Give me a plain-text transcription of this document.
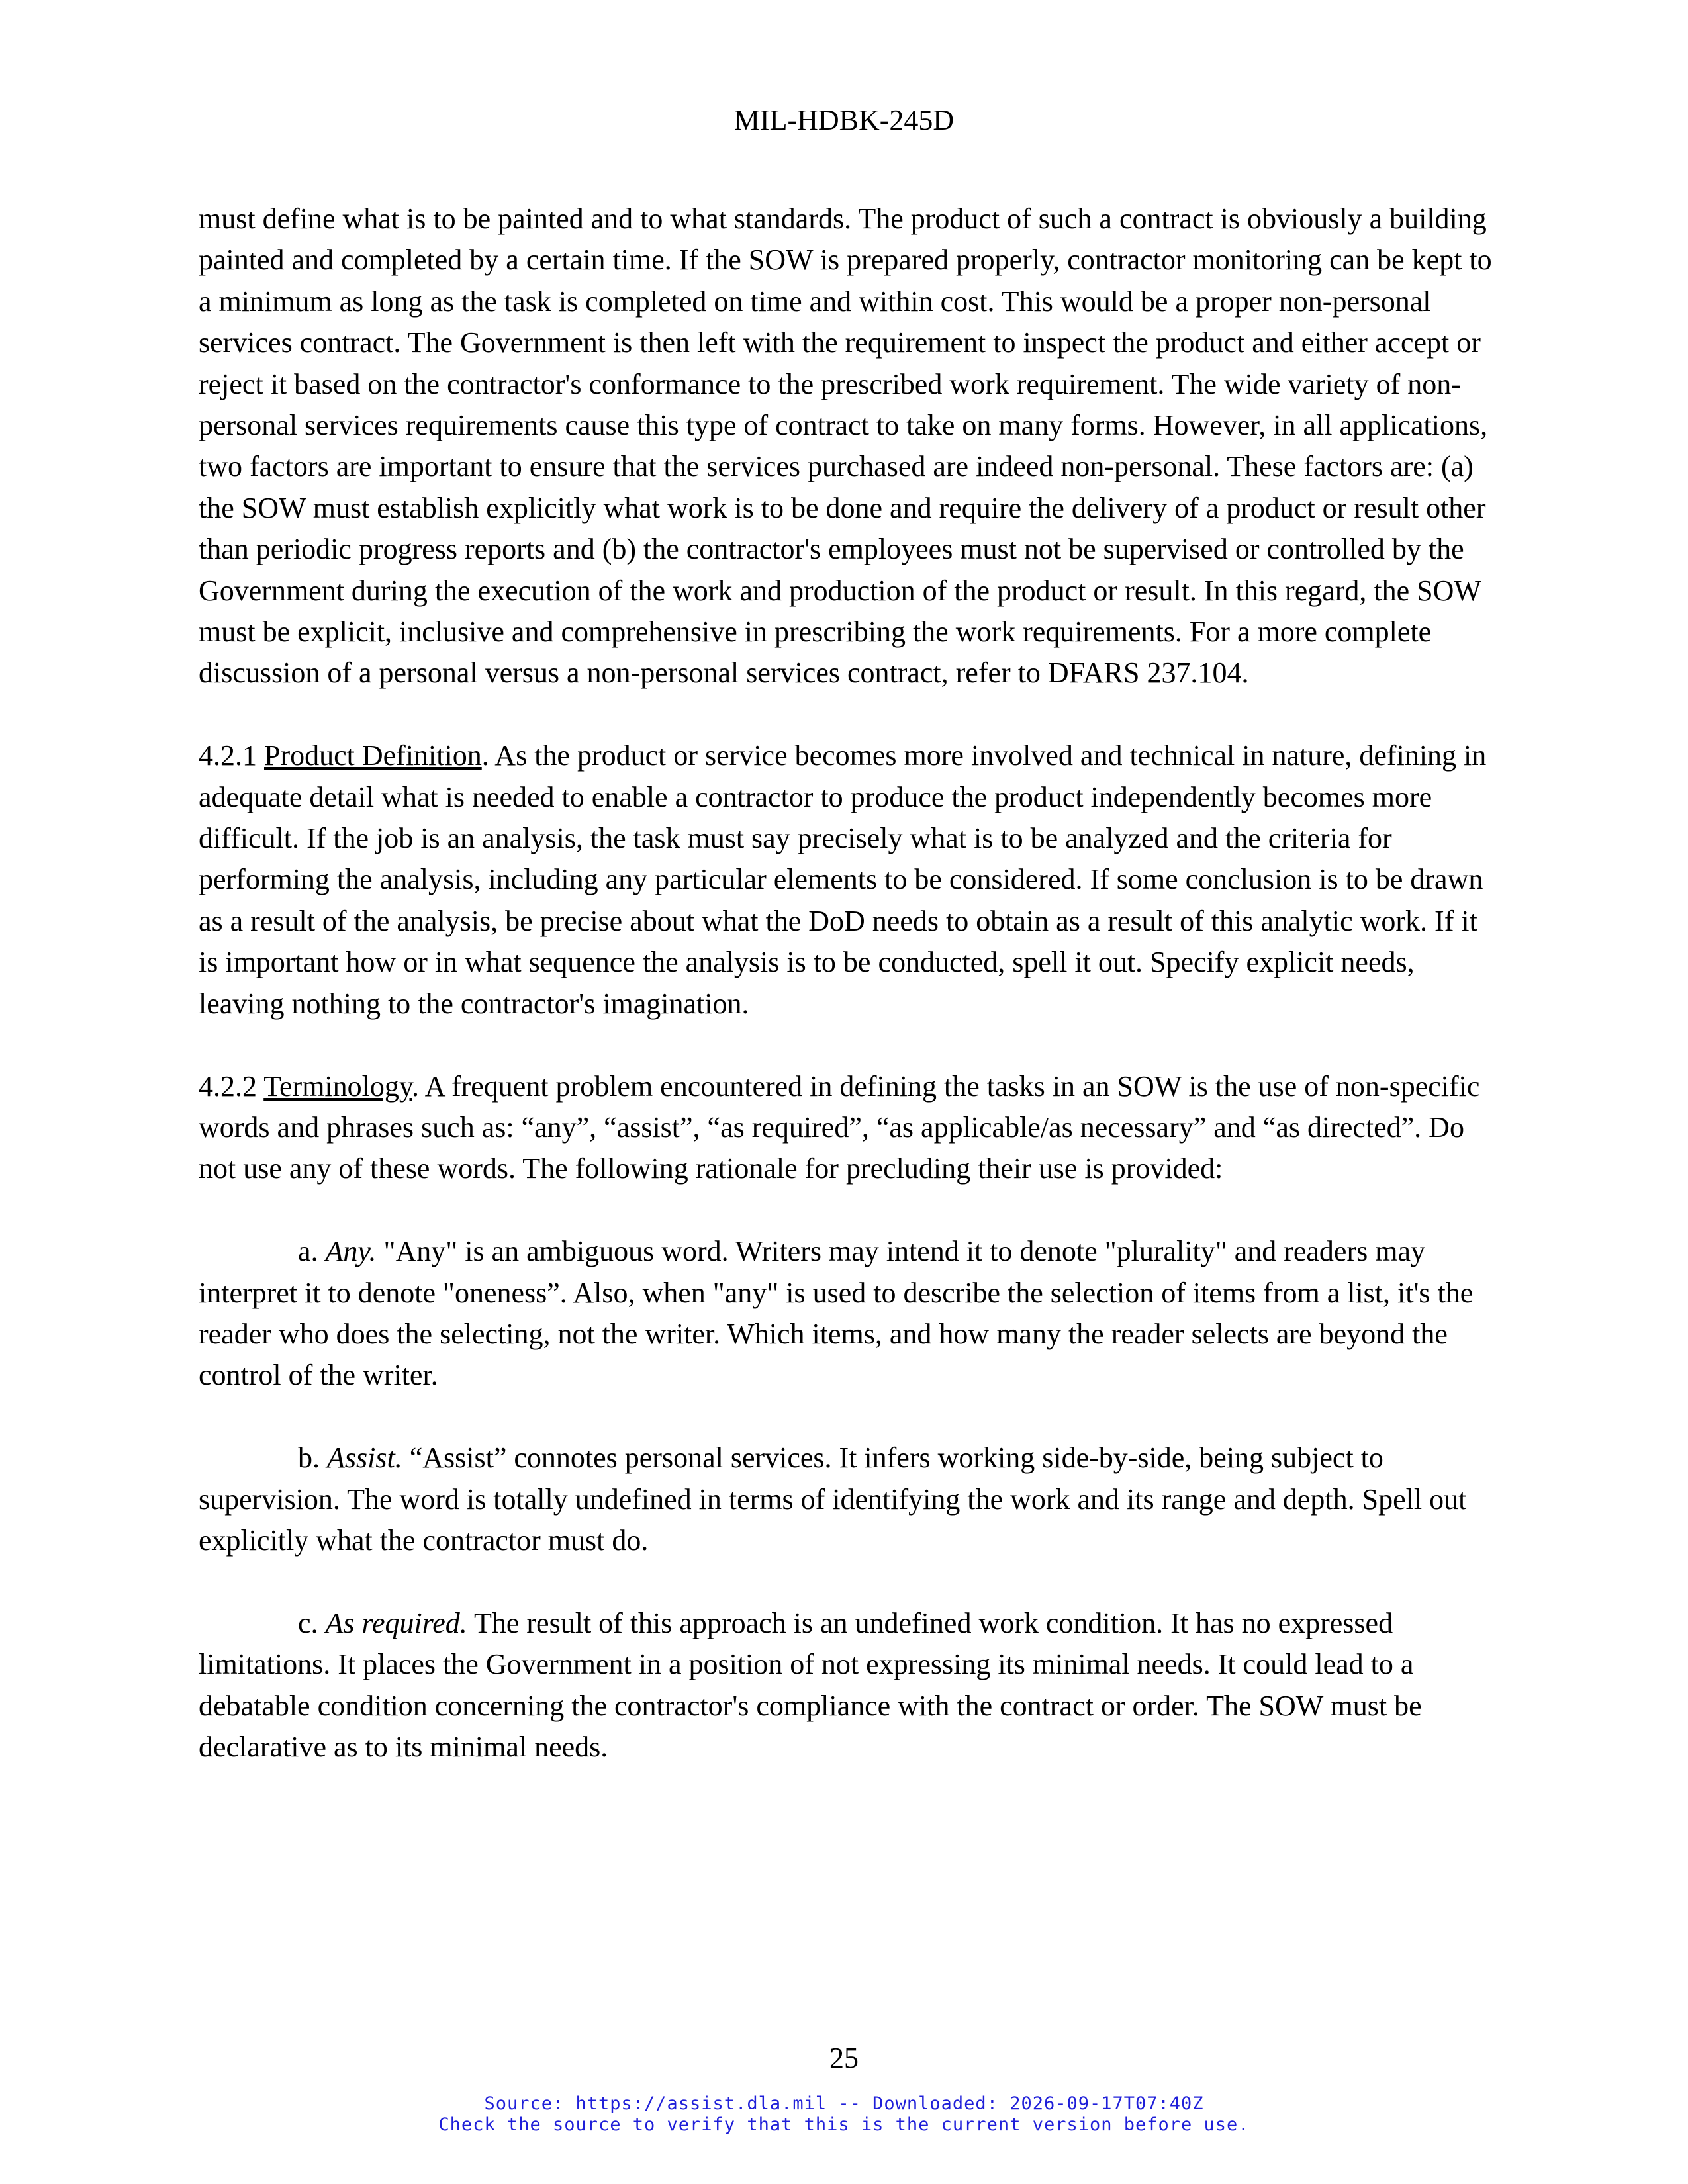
MIL-HDBK-245D

must define what is to be painted and to what standards. The product of such a contract is obviously a building painted and completed by a certain time. If the SOW is prepared properly, contractor monitoring can be kept to a minimum as long as the task is completed on time and within cost. This would be a proper non-personal services contract. The Government is then left with the requirement to inspect the product and either accept or reject it based on the contractor's conformance to the prescribed work requirement. The wide variety of non-personal services requirements cause this type of contract to take on many forms. However, in all applications, two factors are important to ensure that the services purchased are indeed non-personal. These factors are: (a) the SOW must establish explicitly what work is to be done and require the delivery of a product or result other than periodic progress reports and (b) the contractor's employees must not be supervised or controlled by the Government during the execution of the work and production of the product or result. In this regard, the SOW must be explicit, inclusive and comprehensive in prescribing the work requirements. For a more complete discussion of a personal versus a non-personal services contract, refer to DFARS 237.104.

4.2.1 Product Definition. As the product or service becomes more involved and technical in nature, defining in adequate detail what is needed to enable a contractor to produce the product independently becomes more difficult. If the job is an analysis, the task must say precisely what is to be analyzed and the criteria for performing the analysis, including any particular elements to be considered. If some conclusion is to be drawn as a result of the analysis, be precise about what the DoD needs to obtain as a result of this analytic work. If it is important how or in what sequence the analysis is to be conducted, spell it out. Specify explicit needs, leaving nothing to the contractor's imagination.

4.2.2 Terminology. A frequent problem encountered in defining the tasks in an SOW is the use of non-specific words and phrases such as: “any”, “assist”, “as required”, “as applicable/as necessary” and “as directed”. Do not use any of these words. The following rationale for precluding their use is provided:

a. Any. "Any" is an ambiguous word. Writers may intend it to denote "plurality" and readers may interpret it to denote "oneness”. Also, when "any" is used to describe the selection of items from a list, it's the reader who does the selecting, not the writer. Which items, and how many the reader selects are beyond the control of the writer.

b. Assist. “Assist” connotes personal services. It infers working side-by-side, being subject to supervision. The word is totally undefined in terms of identifying the work and its range and depth. Spell out explicitly what the contractor must do.

c. As required. The result of this approach is an undefined work condition. It has no expressed limitations. It places the Government in a position of not expressing its minimal needs. It could lead to a debatable condition concerning the contractor's compliance with the contract or order. The SOW must be declarative as to its minimal needs.

25
Source: https://assist.dla.mil -- Downloaded: 2026-09-17T07:40Z
Check the source to verify that this is the current version before use.
